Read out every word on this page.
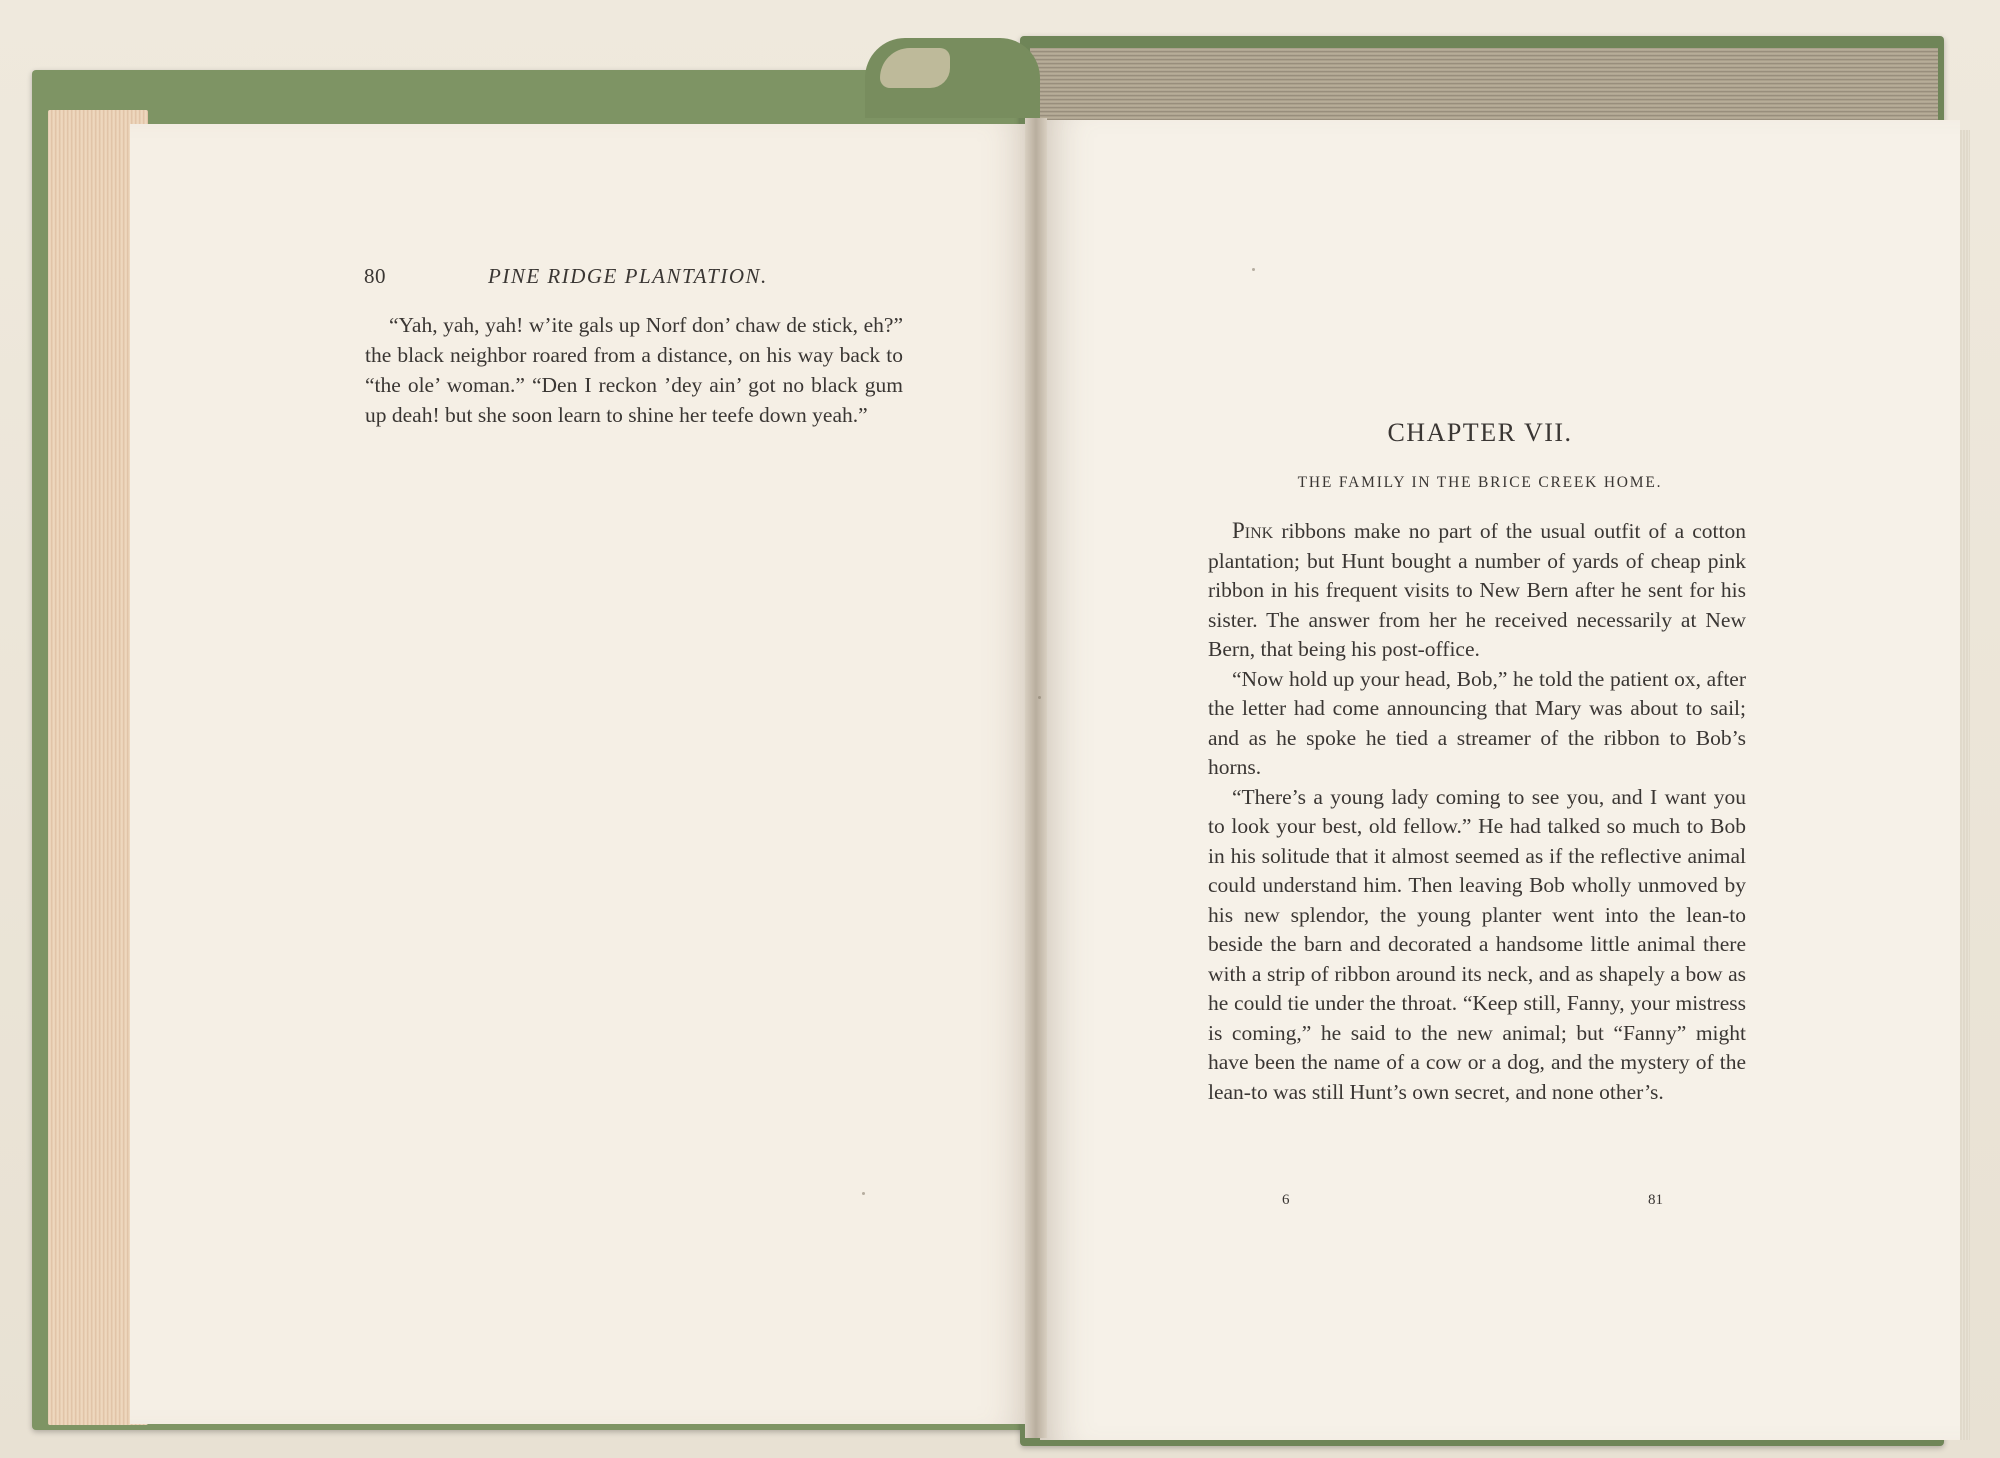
80	PINE RIDGE PLANTATION.

“Yah, yah, yah! w’ite gals up Norf don’ chaw de stick, eh?” the black neighbor roared from a distance, on his way back to “the ole’ woman.” “Den I reckon ’dey ain’ got no black gum up deah! but she soon learn to shine her teefe down yeah.”

CHAPTER VII.
THE FAMILY IN THE BRICE CREEK HOME.

Pink ribbons make no part of the usual outfit of a cotton plantation; but Hunt bought a number of yards of cheap pink ribbon in his frequent visits to New Bern after he sent for his sister. The answer from her he received necessarily at New Bern, that being his post-office.

“Now hold up your head, Bob,” he told the patient ox, after the letter had come announcing that Mary was about to sail; and as he spoke he tied a streamer of the ribbon to Bob’s horns.

“There’s a young lady coming to see you, and I want you to look your best, old fellow.” He had talked so much to Bob in his solitude that it almost seemed as if the reflective animal could understand him. Then leaving Bob wholly unmoved by his new splendor, the young planter went into the lean-to beside the barn and decorated a handsome little animal there with a strip of ribbon around its neck, and as shapely a bow as he could tie under the throat. “Keep still, Fanny, your mistress is coming,” he said to the new animal; but “Fanny” might have been the name of a cow or a dog, and the mystery of the lean-to was still Hunt’s own secret, and none other’s.

6	81
